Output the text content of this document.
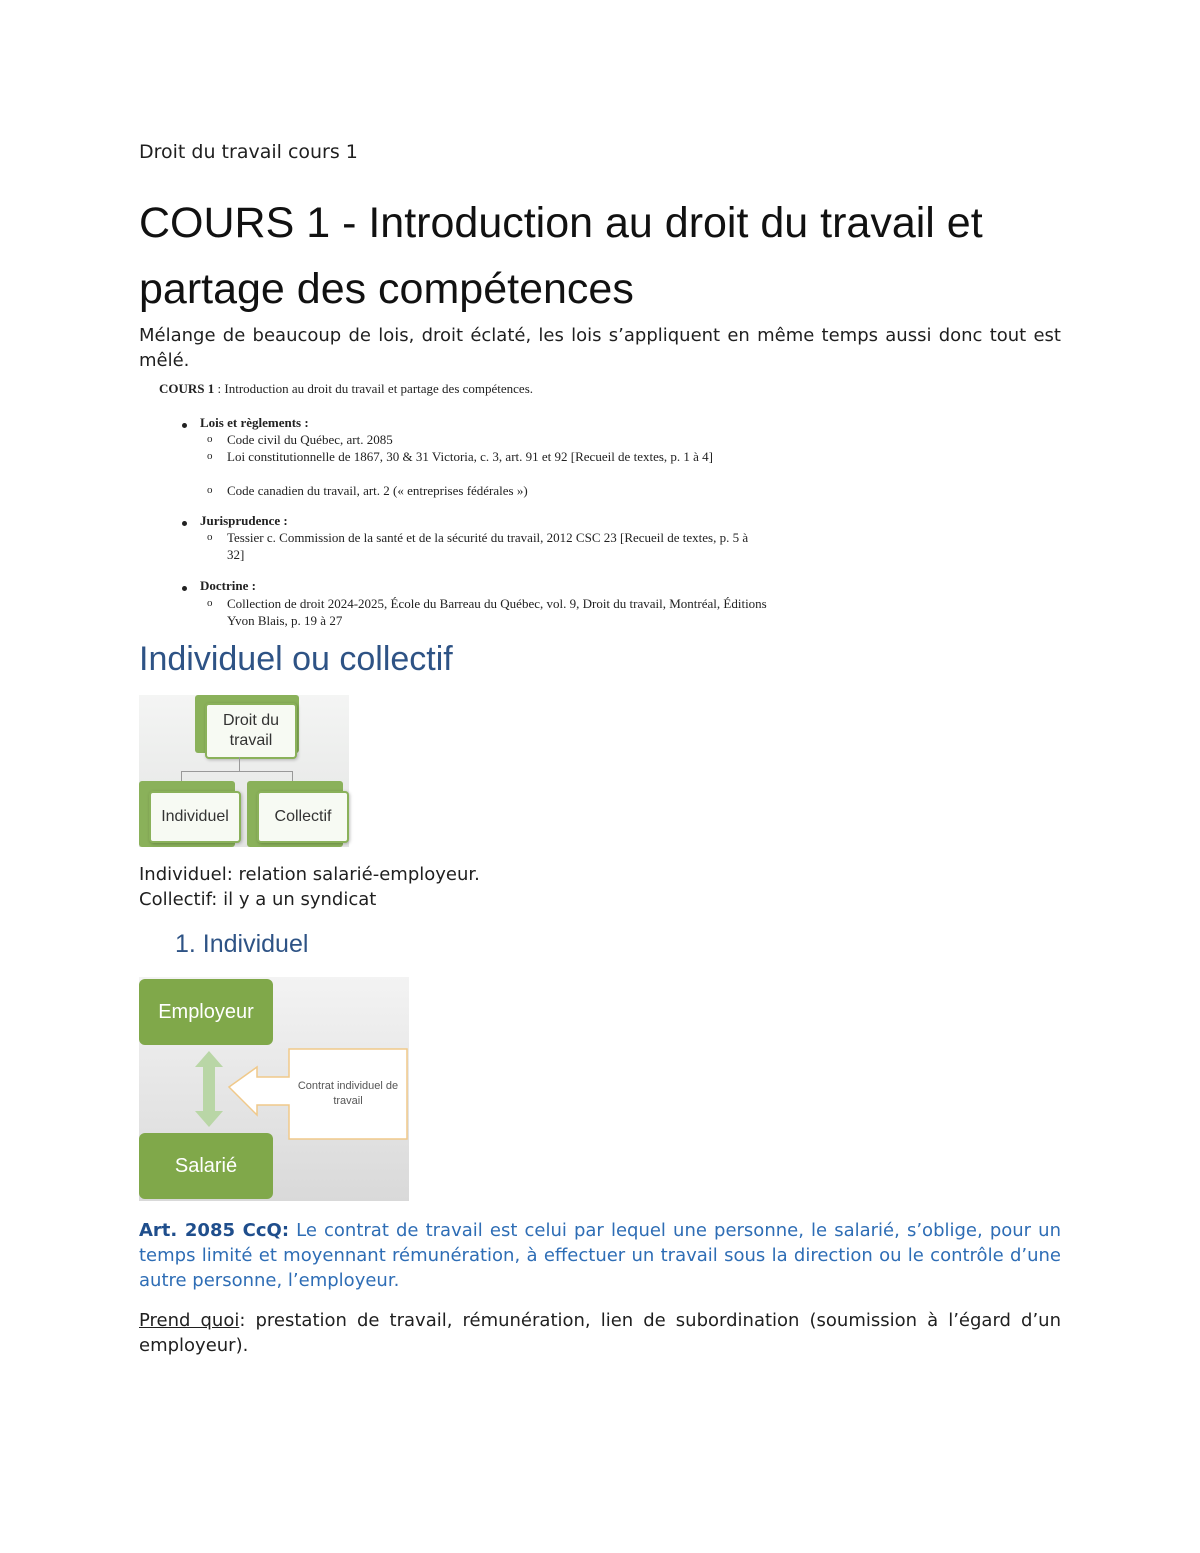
Droit du travail cours 1
COURS 1 - Introduction au droit du travail et partage des compétences
Mélange de beaucoup de lois, droit éclaté, les lois s’appliquent en même temps aussi donc tout est mêlé.
COURS 1 : Introduction au droit du travail et partage des compétences.
Lois et règlements :
o Code civil du Québec, art. 2085
o Loi constitutionnelle de 1867, 30 & 31 Victoria, c. 3, art. 91 et 92 [Recueil de textes, p. 1 à 4]
o Code canadien du travail, art. 2 (« entreprises fédérales »)
Jurisprudence :
o Tessier c. Commission de la santé et de la sécurité du travail, 2012 CSC 23 [Recueil de textes, p. 5 à 32]
Doctrine :
o Collection de droit 2024-2025, École du Barreau du Québec, vol. 9, Droit du travail, Montréal, Éditions Yvon Blais, p. 19 à 27
Individuel ou collectif
Droit du travail
Individuel	Collectif
Individuel: relation salarié-employeur.
Collectif: il y a un syndicat
1. Individuel
Employeur
Salarié
Contrat individuel de travail
Art. 2085 CcQ: Le contrat de travail est celui par lequel une personne, le salarié, s’oblige, pour un temps limité et moyennant rémunération, à effectuer un travail sous la direction ou le contrôle d’une autre personne, l’employeur.
Prend quoi: prestation de travail, rémunération, lien de subordination (soumission à l’égard d’un employeur).
